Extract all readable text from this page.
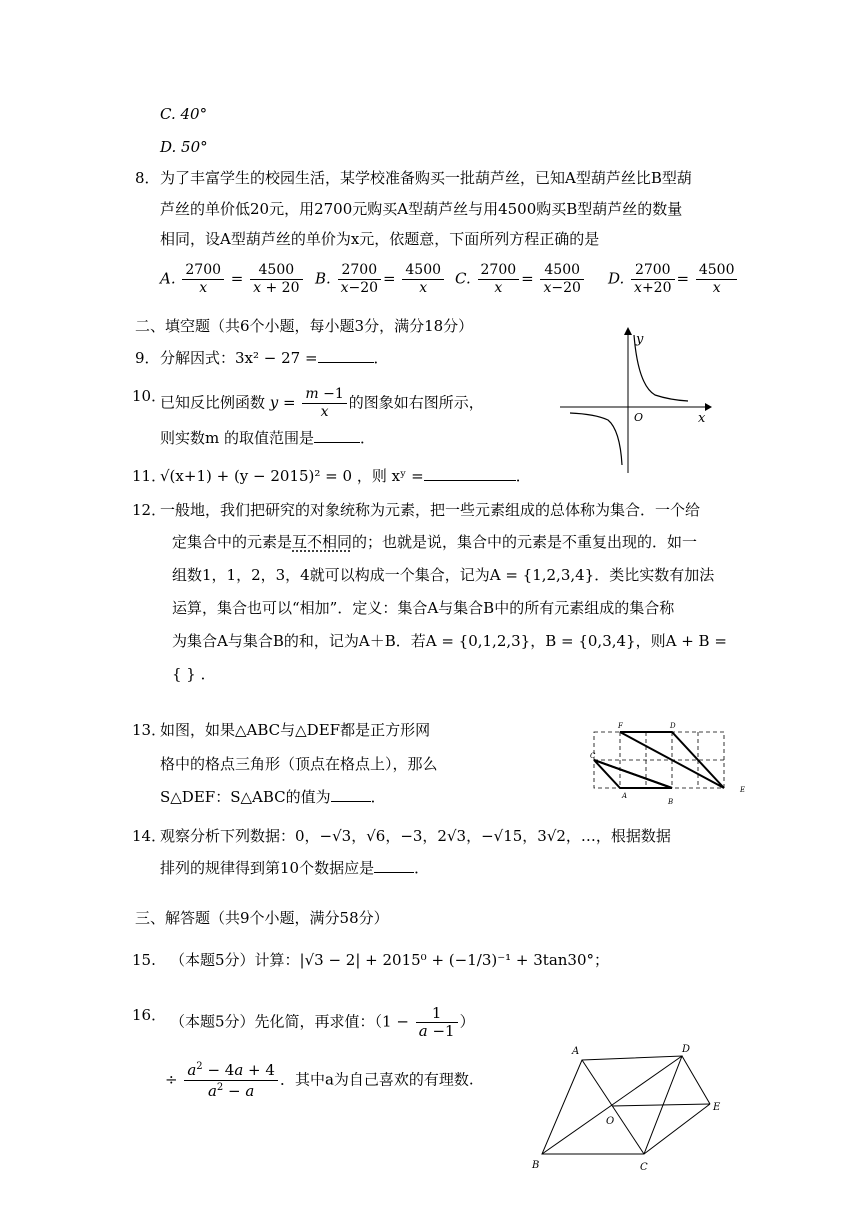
C. 40°
D. 50°
8． 为了丰富学生的校园生活，某学校准备购买一批葫芦丝，已知A型葫芦丝比B型葫
芦丝的单价低20元，用2700元购买A型葫芦丝与用4500购买B型葫芦丝的数量
相同，设A型葫芦丝的单价为x元，依题意，下面所列方程正确的是
A. $\frac{2700}{x} = \frac{4500}{x + 20} B$. $\frac{2700}{x-20} = \frac{4500}{x} C$. $\frac{2700}{x} = \frac{4500}{x-20} D$. $\frac{2700}{x+20} = \frac{4500}{x}$
二、填空题（共6个小题，每小题3分，满分18分）
9． 分解因式：3x² − 27 =	．
10．
已知反比例函数 $y = \frac{m -1}{x}$ 的图象如右图所示，
则实数m 的取值范围是	．
y
x
O
11．
√(x+1) + (y − 2015)² = 0 ，则 xʸ =	．
12．
一般地，我们把研究的对象统称为元素，把一些元素组成的总体称为集合．一个给
定集合中的元素是互不相同的；也就是说，集合中的元素是不重复出现的．如一
组数1，1，2，3，4就可以构成一个集合，记为A = {1,2,3,4}．类比实数有加法
运算，集合也可以“相加”．定义：集合A与集合B中的所有元素组成的集合称
为集合A与集合B的和，记为A＋B．若A = {0,1,2,3}，B = {0,3,4}，则A + B =
{ } ．
13．
如图，如果△ABC与△DEF都是正方形网
格中的格点三角形（顶点在格点上），那么
S△DEF：S△ABC的值为	．
F	D
C
A
B
E
14．
观察分析下列数据：0，−√3，√6，−3，2√3，−√15，3√2，…，根据数据
排列的规律得到第10个数据应是	．
三、解答题（共9个小题，满分58分）
15. （本题5分）计算：|√3 − 2| + 2015⁰ + (−1/3)⁻¹ + 3tan30°；
16． （本题5分）先化简，再求值：（$1 - \frac{1}{a -1}$ ）
÷ $\frac{a^2 - 4a + 4}{a^2 - a}$ ．其中a为自己喜欢的有理数.
A	D
E
O
B	C
